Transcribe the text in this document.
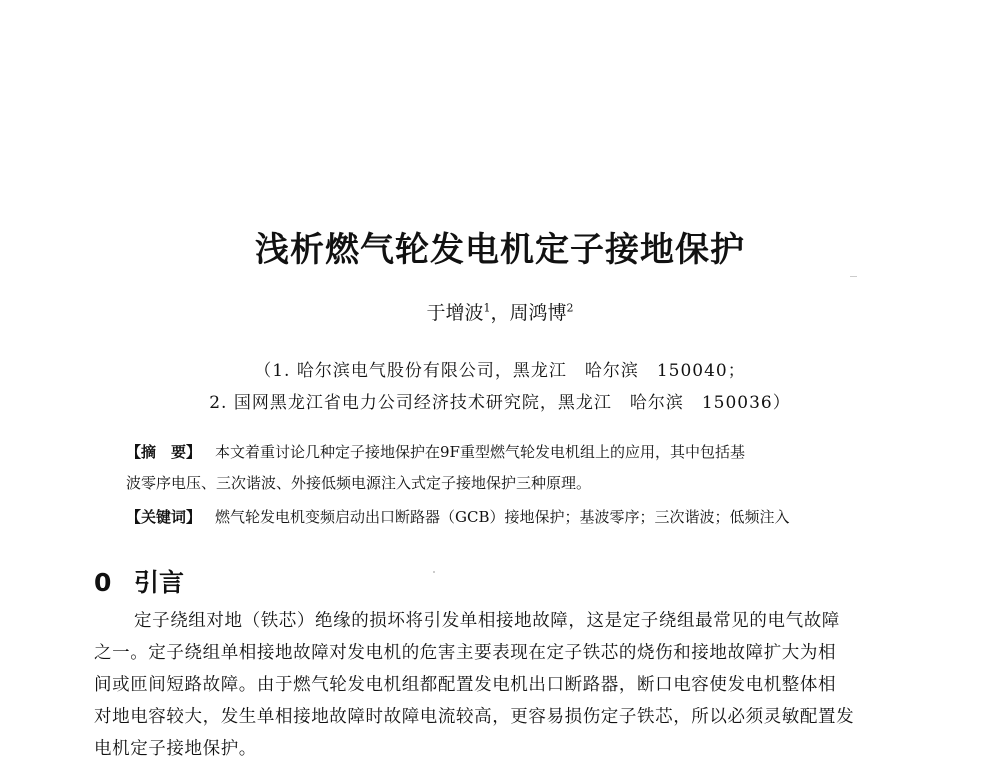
浅析燃气轮发电机定子接地保护
于增波$^1$，周鸿博$^2$
（1. 哈尔滨电气股份有限公司，黑龙江　哈尔滨　150040；
2. 国网黑龙江省电力公司经济技术研究院，黑龙江　哈尔滨　150036）
【摘　要】 本文着重讨论几种定子接地保护在9F重型燃气轮发电机组上的应用，其中包括基
波零序电压、三次谐波、外接低频电源注入式定子接地保护三种原理。
【关键词】 燃气轮发电机变频启动出口断路器（GCB）接地保护；基波零序；三次谐波；低频注入
0 引言
定子绕组对地（铁芯）绝缘的损坏将引发单相接地故障，这是定子绕组最常见的电气故障
之一。定子绕组单相接地故障对发电机的危害主要表现在定子铁芯的烧伤和接地故障扩大为相
间或匝间短路故障。由于燃气轮发电机组都配置发电机出口断路器，断口电容使发电机整体相
对地电容较大，发生单相接地故障时故障电流较高，更容易损伤定子铁芯，所以必须灵敏配置发
电机定子接地保护。
